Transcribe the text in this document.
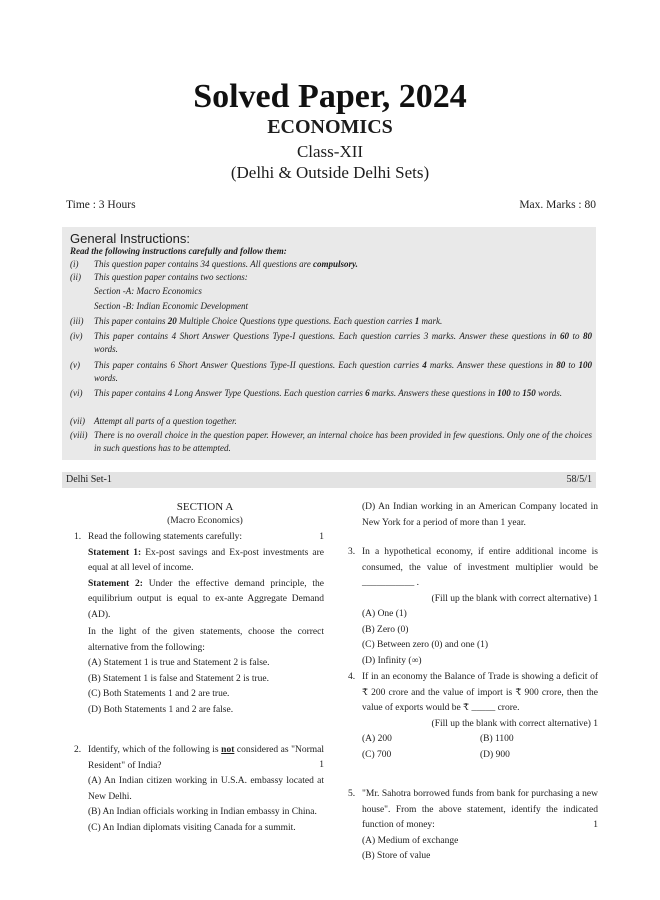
Solved Paper, 2024
ECONOMICS
Class-XII
(Delhi & Outside Delhi Sets)
Time : 3 Hours	Max. Marks : 80
General Instructions:
Read the following instructions carefully and follow them:
(i)	This question paper contains 34 questions. All questions are compulsory.
(ii)	This question paper contains two sections:
Section -A: Macro Economics
Section -B: Indian Economic Development
(iii)	This paper contains 20 Multiple Choice Questions type questions. Each question carries 1 mark.
(iv)	This paper contains 4 Short Answer Questions Type-I questions. Each question carries 3 marks. Answer these questions in 60 to 80 words.
(v)	This paper contains 6 Short Answer Questions Type-II questions. Each question carries 4 marks. Answer these questions in 80 to 100 words.
(vi)	This paper contains 4 Long Answer Type Questions. Each question carries 6 marks. Answers these questions in 100 to 150 words.
(vii)	Attempt all parts of a question together.
(viii) There is no overall choice in the question paper. However, an internal choice has been provided in few questions. Only one of the choices in such questions has to be attempted.
Delhi Set-1	58/5/1
SECTION A
(Macro Economics)
1. Read the following statements carefully:	1
Statement 1: Ex-post savings and Ex-post investments are equal at all level of income.
Statement 2: Under the effective demand principle, the equilibrium output is equal to ex-ante Aggregate Demand (AD).
In the light of the given statements, choose the correct alternative from the following:
(A) Statement 1 is true and Statement 2 is false.
(B) Statement 1 is false and Statement 2 is true.
(C) Both Statements 1 and 2 are true.
(D) Both Statements 1 and 2 are false.
2. Identify, which of the following is not considered as "Normal Resident" of India?	1
(A) An Indian citizen working in U.S.A. embassy located at New Delhi.
(B) An Indian officials working in Indian embassy in China.
(C) An Indian diplomats visiting Canada for a summit.
(D) An Indian working in an American Company located in New York for a period of more than 1 year.
3. In a hypothetical economy, if entire additional income is consumed, the value of investment multiplier would be ___________ .
(Fill up the blank with correct alternative) 1
(A) One (1)
(B) Zero (0)
(C) Between zero (0) and one (1)
(D) Infinity (∞)
4. If in an economy the Balance of Trade is showing a deficit of ₹ 200 crore and the value of import is ₹ 900 crore, then the value of exports would be ₹ _____ crore.
(Fill up the blank with correct alternative) 1
(A) 200	(B) 1100
(C) 700	(D) 900
5. "Mr. Sahotra borrowed funds from bank for purchasing a new house". From the above statement, identify the indicated function of money:	1
(A) Medium of exchange
(B) Store of value
